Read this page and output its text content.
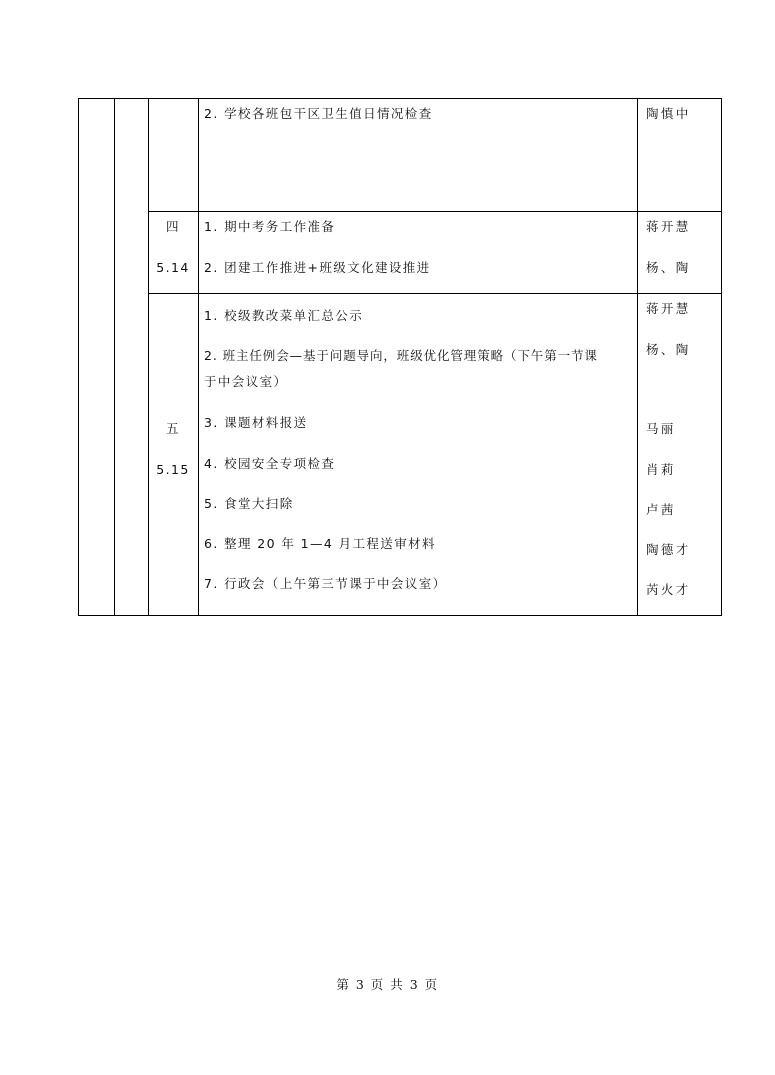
2. 学校各班包干区卫生值日情况检查	陶慎中
四
5.14
1. 期中考务工作准备
2. 团建工作推进+班级文化建设推进
蒋开慧
杨、陶
五
5.15
1. 校级教改菜单汇总公示
2. 班主任例会—基于问题导向，班级优化管理策略（下午第一节课
于中会议室）
3. 课题材料报送
4. 校园安全专项检查
5. 食堂大扫除
6. 整理 20 年 1—4 月工程送审材料
7. 行政会（上午第三节课于中会议室）
蒋开慧
杨、陶
马丽
肖莉
卢茜
陶德才
芮火才
第 3 页 共 3 页
